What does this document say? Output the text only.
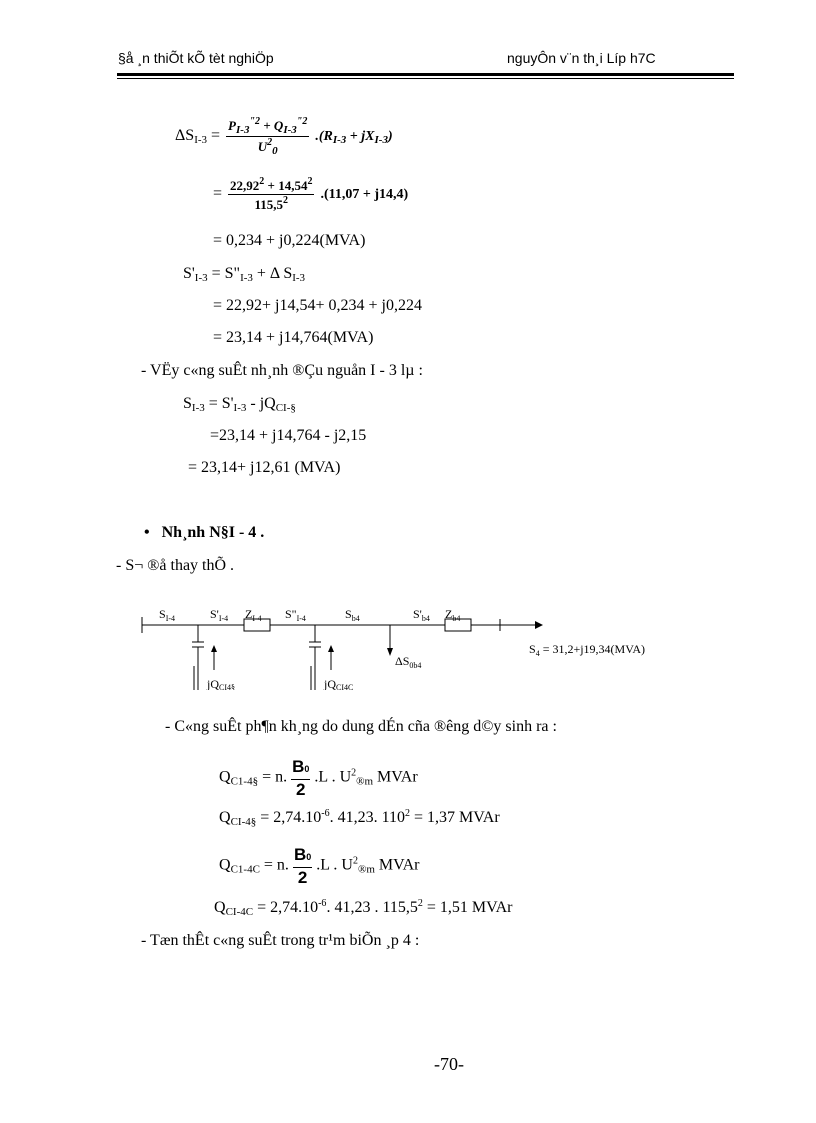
§å ¸n thiÕt kÕ tèt nghiÖp	nguyÔn v¨n th¸i Líp h7C
$\Delta S_{I-3} = \frac{P_{I-3}^{"2} + Q_{I-3}^{"2}}{U^2_0} .(R_{I-3} + jX_{I-3})$
= $\frac{22,92^2 + 14,54^2}{115,5^2} .(11,07 + j14,4)$
= 0,234 + j0,224(MVA)
$S'_{I-3}$ = $S"_{I-3} + \Delta$ $S_{I-3}$
= 22,92+ j14,54+ 0,234 + j0,224
= 23,14 + j14,764(MVA)
- VËy c«ng suÊt nh¸nh ®Çu nguån I - 3 lµ :
$S_{I-3} = S'_{I-3} - jQ_{CI-\S}$
=23,14 + j14,764 - j2,15
= 23,14+ j12,61 (MVA)
• Nh¸nh N§I - 4 .
- S¬ ®å thay thÕ .
$S_{I-4}$	$S'_{I-4}$ $Z_{I-4}$ $S"_{I-4}$	$S_{b4}$	$S'_{b4}$ $Z_{b4}$
$\Delta S_{0b4}$
$S_4 = 31,2+j19,34(MVA)$
jQCI4§	jQCI4C
- C«ng suÊt ph¶n kh¸ng do dung dÉn cña ®êng d©y sinh ra :
$Q_{C1-4\S} = n$. $\frac{B0}{2} .L$ . $U^2_{®m}$ MVAr
$Q_{CI-4\S} = 2,74.10^{-6}$. 41,23. $110^2 = 1,37$ MVAr
$Q_{C1-4C} = n$. $\frac{B0}{2} .L$ . $U^2_{®m}$ MVAr
$Q_{CI-4C} = 2,74.10^{-6}$. 41,23 . $115,5^2 = 1,51$ MVAr
- Tæn thÊt c«ng suÊt trong tr¹m biÕn ¸p 4 :
-70-
